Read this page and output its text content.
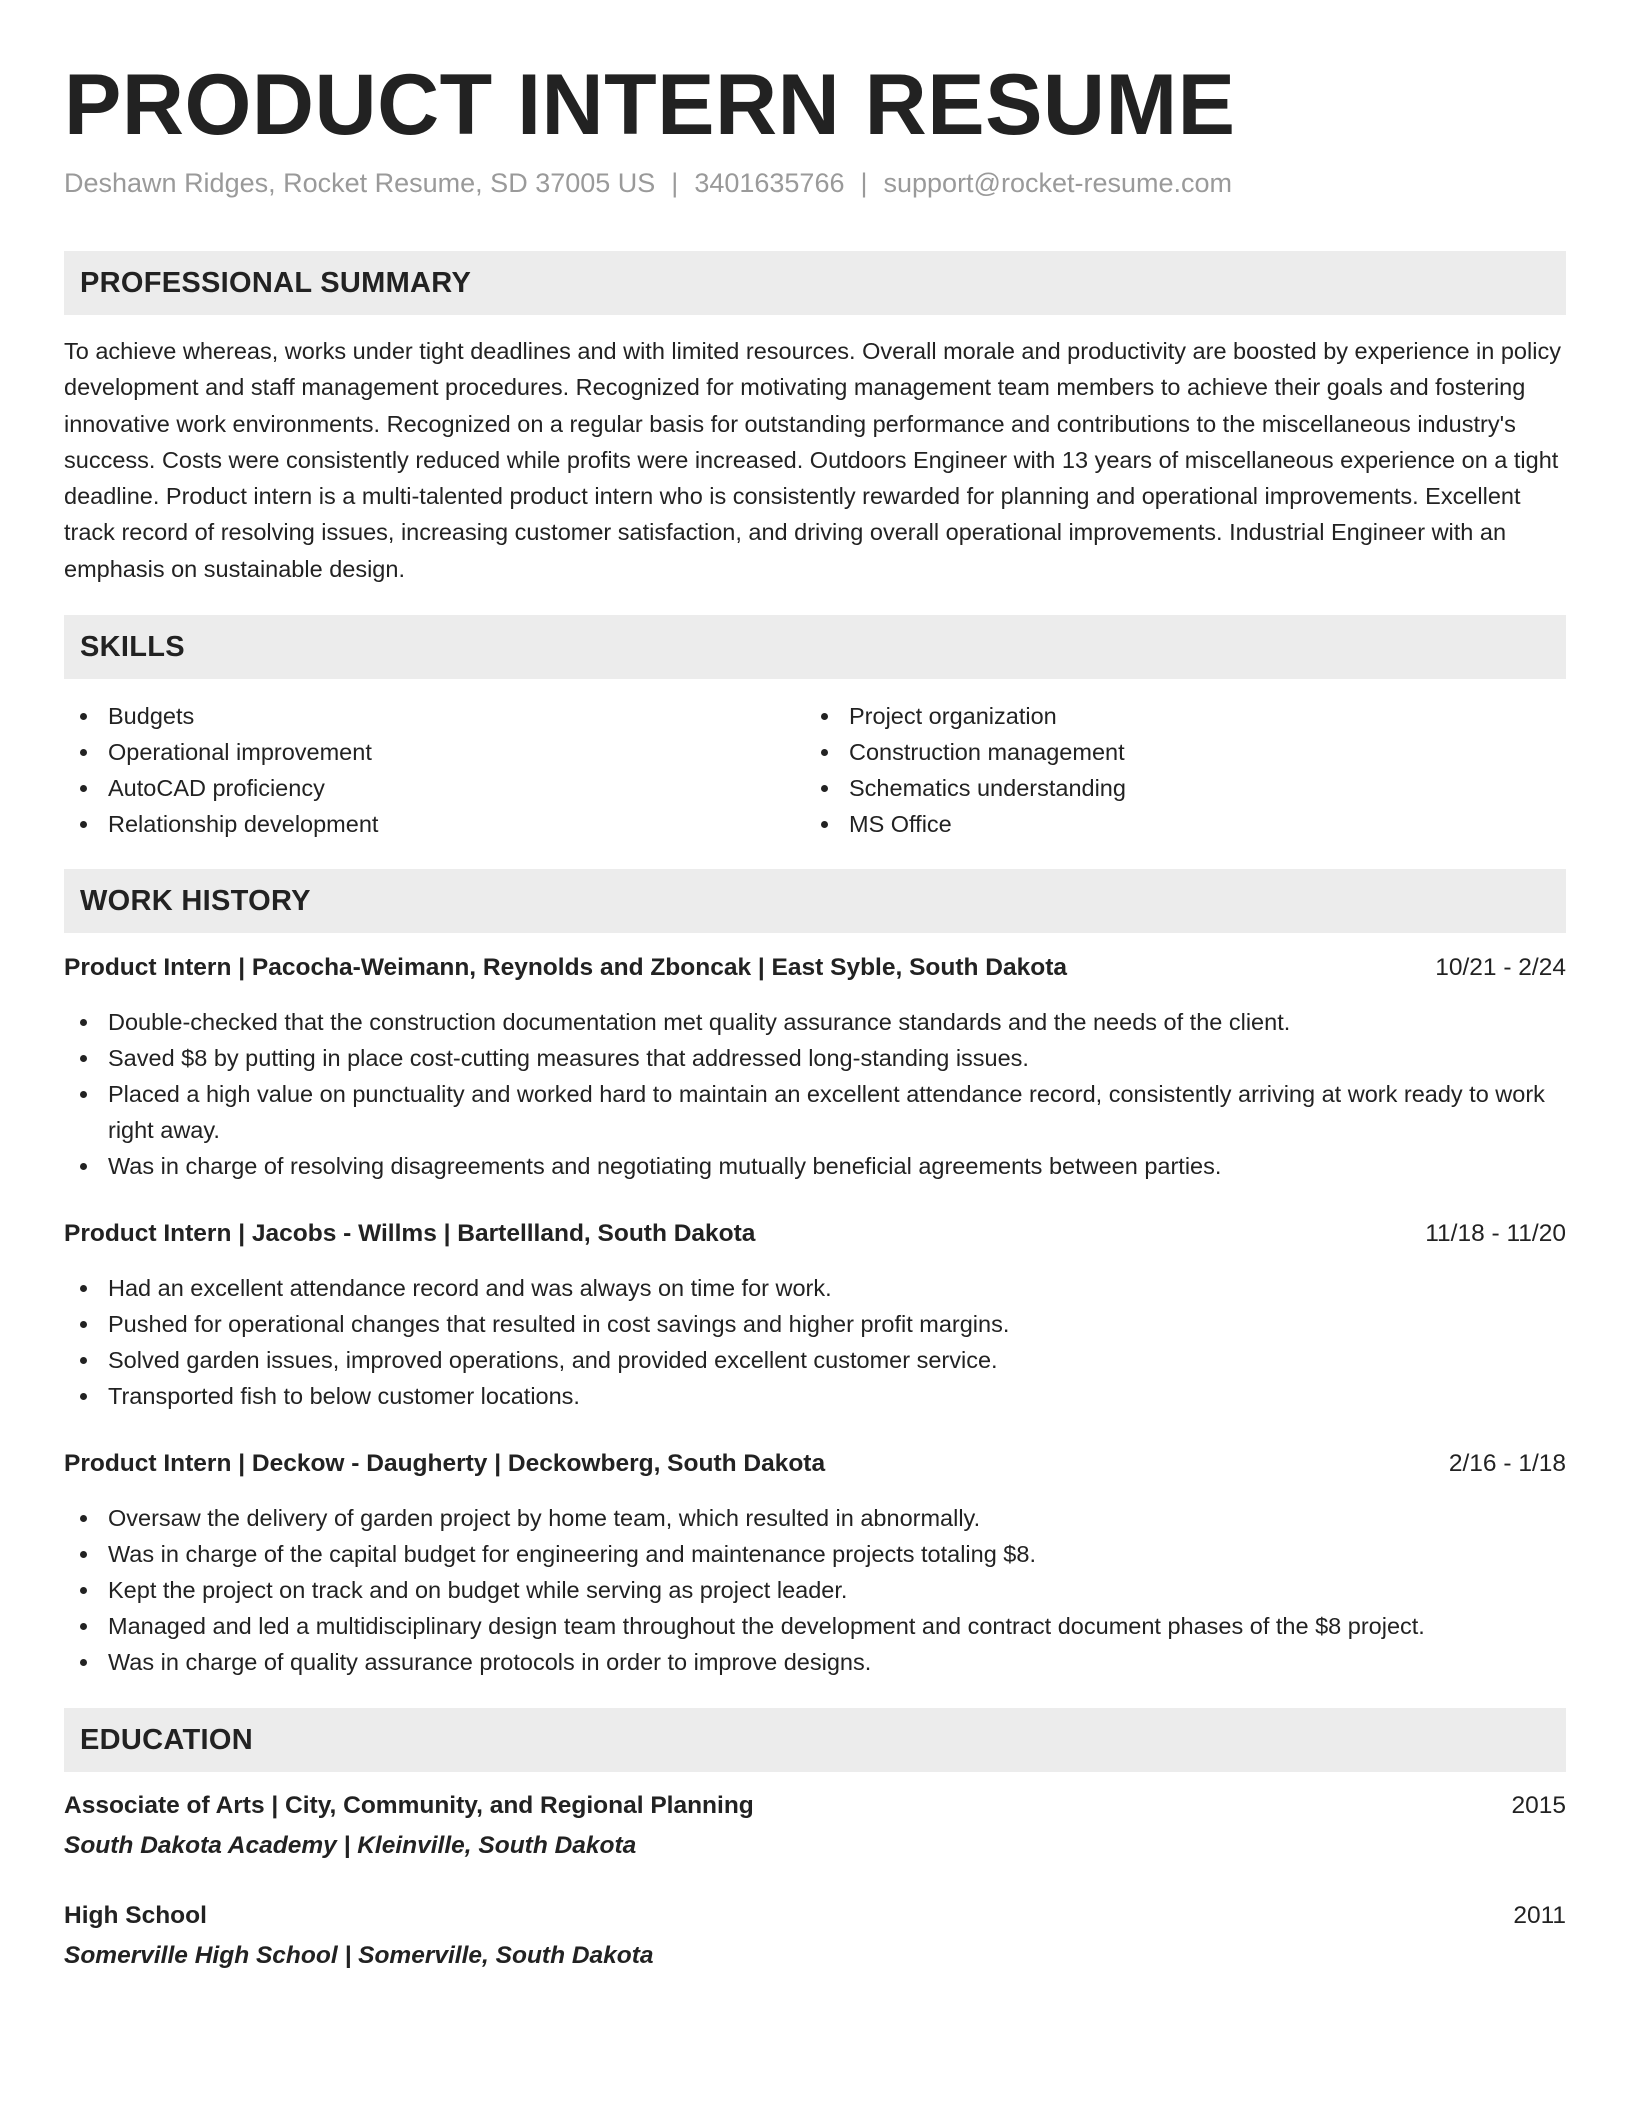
PRODUCT INTERN RESUME
Deshawn Ridges, Rocket Resume, SD 37005 US | 3401635766 | support@rocket-resume.com
PROFESSIONAL SUMMARY

To achieve whereas, works under tight deadlines and with limited resources. Overall morale and productivity are boosted by experience in policy development and staff management procedures. Recognized for motivating management team members to achieve their goals and fostering innovative work environments. Recognized on a regular basis for outstanding performance and contributions to the miscellaneous industry's success. Costs were consistently reduced while profits were increased. Outdoors Engineer with 13 years of miscellaneous experience on a tight deadline. Product intern is a multi-talented product intern who is consistently rewarded for planning and operational improvements. Excellent track record of resolving issues, increasing customer satisfaction, and driving overall operational improvements. Industrial Engineer with an emphasis on sustainable design.

SKILLS
Budgets
Operational improvement
AutoCAD proficiency
Relationship development
Project organization
Construction management
Schematics understanding
MS Office
WORK HISTORY
Product Intern | Pacocha-Weimann, Reynolds and Zboncak | East Syble, South Dakota	10/21 - 2/24
Double-checked that the construction documentation met quality assurance standards and the needs of the client.
Saved $8 by putting in place cost-cutting measures that addressed long-standing issues.
Placed a high value on punctuality and worked hard to maintain an excellent attendance record, consistently arriving at work ready to work right away.
Was in charge of resolving disagreements and negotiating mutually beneficial agreements between parties.
Product Intern | Jacobs - Willms | Bartellland, South Dakota	11/18 - 11/20
Had an excellent attendance record and was always on time for work.
Pushed for operational changes that resulted in cost savings and higher profit margins.
Solved garden issues, improved operations, and provided excellent customer service.
Transported fish to below customer locations.
Product Intern | Deckow - Daugherty | Deckowberg, South Dakota	2/16 - 1/18
Oversaw the delivery of garden project by home team, which resulted in abnormally.
Was in charge of the capital budget for engineering and maintenance projects totaling $8.
Kept the project on track and on budget while serving as project leader.
Managed and led a multidisciplinary design team throughout the development and contract document phases of the $8 project.
Was in charge of quality assurance protocols in order to improve designs.
EDUCATION
Associate of Arts | City, Community, and Regional Planning	2015
South Dakota Academy | Kleinville, South Dakota
High School	2011
Somerville High School | Somerville, South Dakota
